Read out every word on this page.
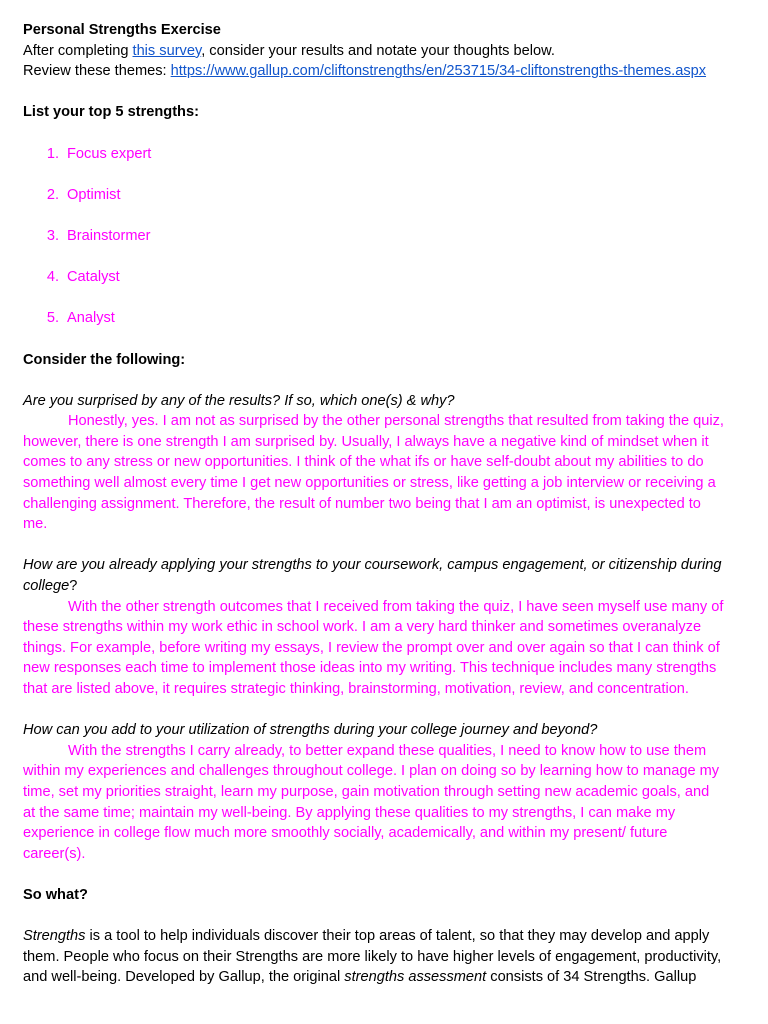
Personal Strengths Exercise

After completing this survey, consider your results and notate your thoughts below.

Review these themes: https://www.gallup.com/cliftonstrengths/en/253715/34-cliftonstrengths-themes.aspx

List your top 5 strengths:

1. Focus expert
2. Optimist
3. Brainstormer
4. Catalyst
5. Analyst

Consider the following:

Are you surprised by any of the results? If so, which one(s) & why?

Honestly, yes. I am not as surprised by the other personal strengths that resulted from taking the quiz,

however, there is one strength I am surprised by. Usually, I always have a negative kind of mindset when it

comes to any stress or new opportunities. I think of the what ifs or have self-doubt about my abilities to do

something well almost every time I get new opportunities or stress, like getting a job interview or receiving a

challenging assignment. Therefore, the result of number two being that I am an optimist, is unexpected to

me.

How are you already applying your strengths to your coursework, campus engagement, or citizenship during

college?

With the other strength outcomes that I received from taking the quiz, I have seen myself use many of

these strengths within my work ethic in school work. I am a very hard thinker and sometimes overanalyze

things. For example, before writing my essays, I review the prompt over and over again so that I can think of

new responses each time to implement those ideas into my writing. This technique includes many strengths

that are listed above, it requires strategic thinking, brainstorming, motivation, review, and concentration.

How can you add to your utilization of strengths during your college journey and beyond?

With the strengths I carry already, to better expand these qualities, I need to know how to use them

within my experiences and challenges throughout college. I plan on doing so by learning how to manage my

time, set my priorities straight, learn my purpose, gain motivation through setting new academic goals, and

at the same time; maintain my well-being. By applying these qualities to my strengths, I can make my

experience in college flow much more smoothly socially, academically, and within my present/ future

career(s).

So what?

Strengths is a tool to help individuals discover their top areas of talent, so that they may develop and apply

them. People who focus on their Strengths are more likely to have higher levels of engagement, productivity,

and well-being. Developed by Gallup, the original strengths assessment consists of 34 Strengths. Gallup
